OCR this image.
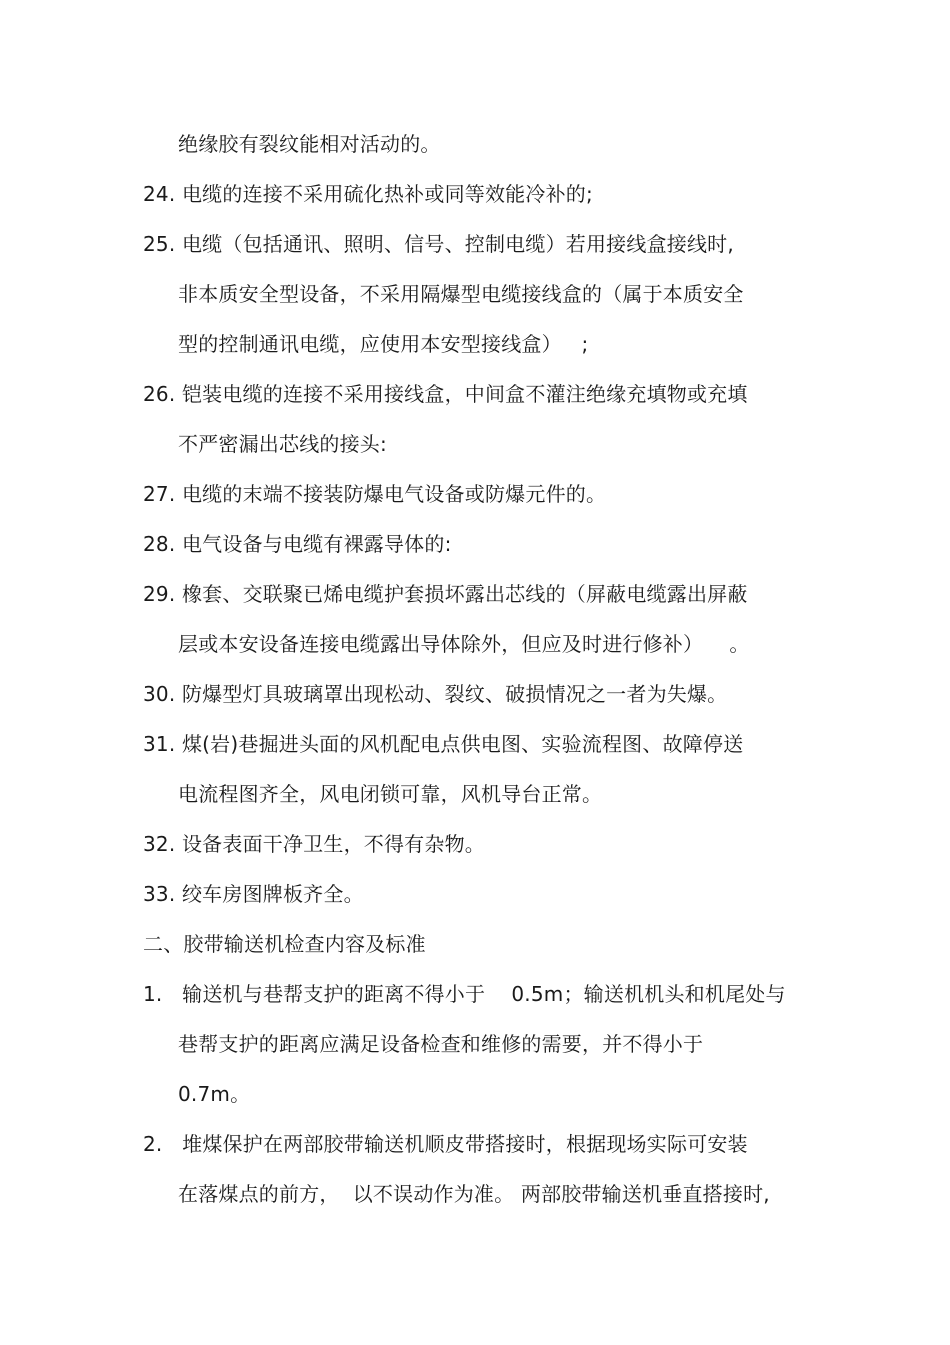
绝缘胶有裂纹能相对活动的。
24. 电缆的连接不采用硫化热补或同等效能冷补的;
25. 电缆（包括通讯、照明、信号、控制电缆）若用接线盒接线时,
非本质安全型设备，不采用隔爆型电缆接线盒的（属于本质安全
型的控制通讯电缆，应使用本安型接线盒）   ;
26. 铠装电缆的连接不采用接线盒，中间盒不灌注绝缘充填物或充填
不严密漏出芯线的接头:
27. 电缆的末端不接装防爆电气设备或防爆元件的。
28. 电气设备与电缆有裸露导体的:
29. 橡套、交联聚已烯电缆护套损坏露出芯线的（屏蔽电缆露出屏蔽
层或本安设备连接电缆露出导体除外，但应及时进行修补）    。
30. 防爆型灯具玻璃罩出现松动、裂纹、破损情况之一者为失爆。
31. 煤(岩)巷掘进头面的风机配电点供电图、实验流程图、故障停送
电流程图齐全，风电闭锁可靠，风机导台正常。
32. 设备表面干净卫生，不得有杂物。
33. 绞车房图牌板齐全。
二、胶带输送机检查内容及标准
1.   输送机与巷帮支护的距离不得小于    0.5m；输送机机头和机尾处与
巷帮支护的距离应满足设备检查和维修的需要，并不得小于
0.7m。
2.   堆煤保护在两部胶带输送机顺皮带搭接时，根据现场实际可安装
在落煤点的前方，  以不误动作为准。 两部胶带输送机垂直搭接时,
